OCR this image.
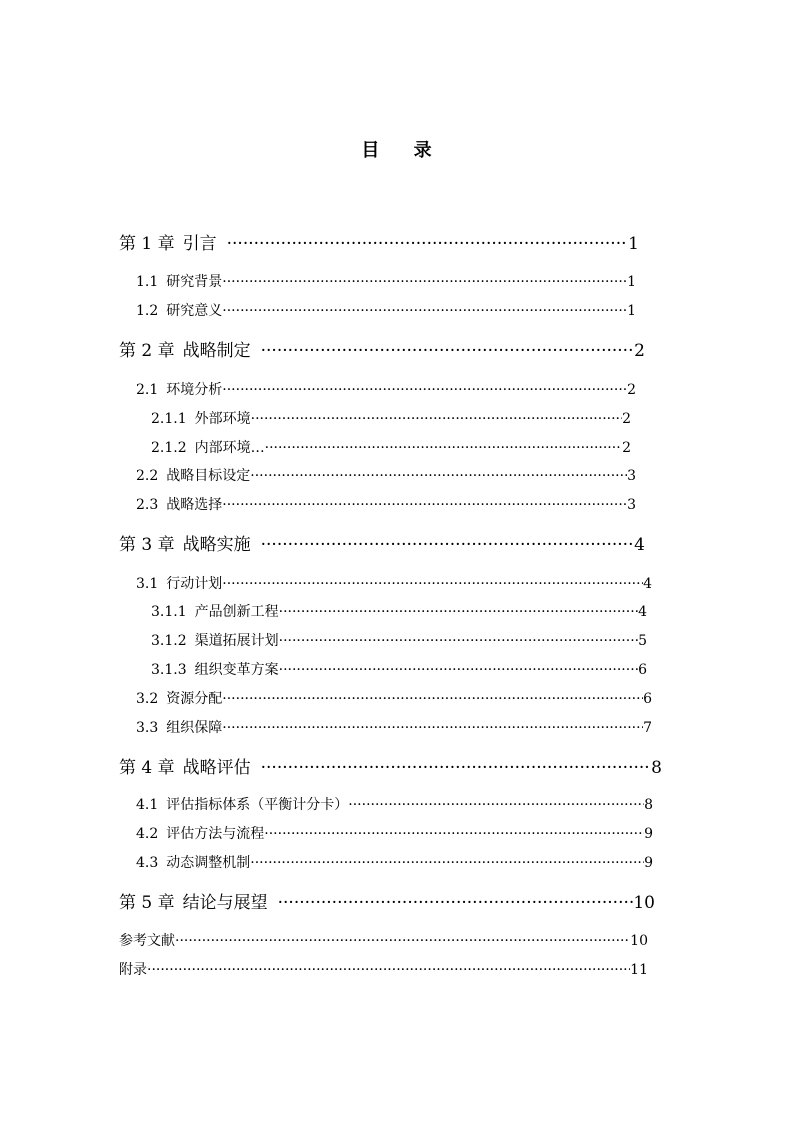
目 录
第 1 章 引言 ·····	1
1.1 研究背景 ·····	1
1.2 研究意义 ·····	1
第 2 章 战略制定 ·····	2
2.1 环境分析 ·····	2
2.1.1 外部环境 ·····	2
2.1.2 内部环境… ·····	2
2.2 战略目标设定 ·····	3
2.3 战略选择 ·····	3
第 3 章 战略实施 ·····	4
3.1 行动计划 ·····	4
3.1.1 产品创新工程 ·····	4
3.1.2 渠道拓展计划 ·····	5
3.1.3 组织变革方案 ·····	6
3.2 资源分配 ·····	6
3.3 组织保障 ·····	7
第 4 章 战略评估 ·····	8
4.1 评估指标体系（平衡计分卡） ·····	8
4.2 评估方法与流程 ·····	9
4.3 动态调整机制 ·····	9
第 5 章 结论与展望 ·····	10
参考文献 ·····	10
附录 ·····	11
